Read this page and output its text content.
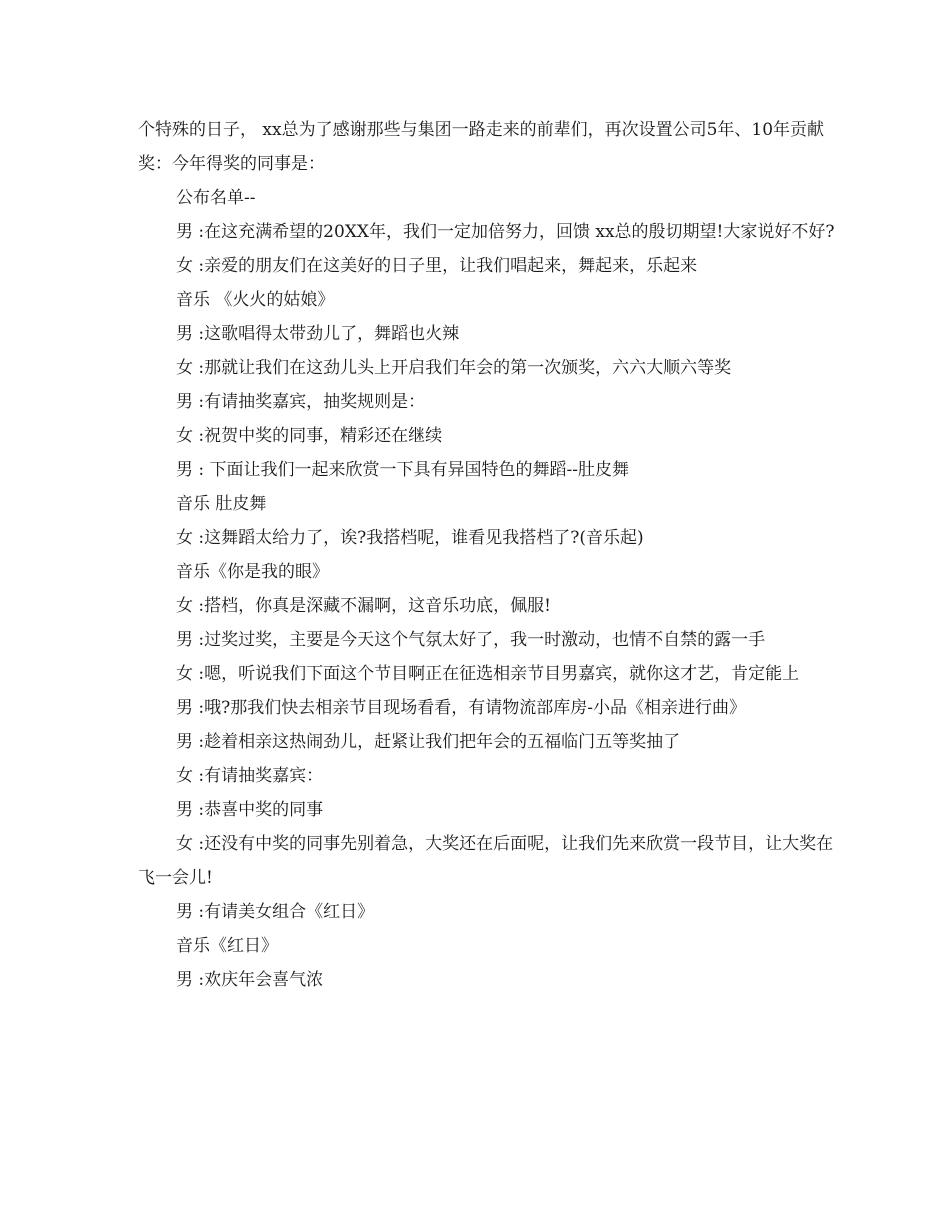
个特殊的日子， xx总为了感谢那些与集团一路走来的前辈们，再次设置公司5年、10年贡献奖：今年得奖的同事是：

公布名单--

男 :在这充满希望的20XX年，我们一定加倍努力，回馈 xx总的殷切期望!大家说好不好?

女 :亲爱的朋友们在这美好的日子里，让我们唱起来，舞起来，乐起来

音乐 《火火的姑娘》

男 :这歌唱得太带劲儿了，舞蹈也火辣

女 :那就让我们在这劲儿头上开启我们年会的第一次颁奖，六六大顺六等奖

男 :有请抽奖嘉宾，抽奖规则是：

女 :祝贺中奖的同事，精彩还在继续

男 : 下面让我们一起来欣赏一下具有异国特色的舞蹈--肚皮舞

音乐 肚皮舞

女 :这舞蹈太给力了，诶?我搭档呢，谁看见我搭档了?(音乐起)

音乐《你是我的眼》

女 :搭档，你真是深藏不漏啊，这音乐功底，佩服!

男 :过奖过奖，主要是今天这个气氛太好了，我一时激动，也情不自禁的露一手

女 :嗯，听说我们下面这个节目啊正在征选相亲节目男嘉宾，就你这才艺，肯定能上

男 :哦?那我们快去相亲节目现场看看，有请物流部库房-小品《相亲进行曲》

男 :趁着相亲这热闹劲儿，赶紧让我们把年会的五福临门五等奖抽了

女 :有请抽奖嘉宾：

男 :恭喜中奖的同事

女 :还没有中奖的同事先别着急，大奖还在后面呢，让我们先来欣赏一段节目，让大奖在飞一会儿!

男 :有请美女组合《红日》

音乐《红日》

男 :欢庆年会喜气浓
